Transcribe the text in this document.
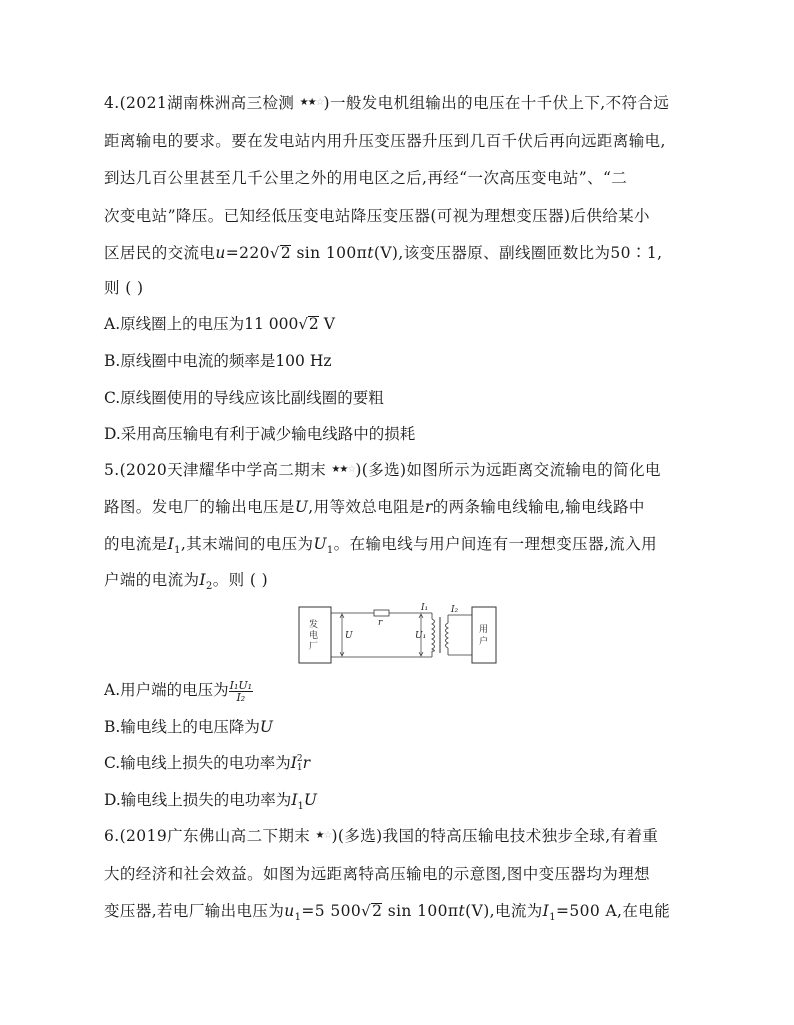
4.(2021湖南株洲高三检测 ★★☆)一般发电机组输出的电压在十千伏上下,不符合远
距离输电的要求。要在发电站内用升压变压器升压到几百千伏后再向远距离输电,
到达几百公里甚至几千公里之外的用电区之后,再经“一次高压变电站”、“二
次变电站”降压。已知经低压变电站降压变压器(可视为理想变压器)后供给某小
区居民的交流电u=220√2 sin 100πt(V),该变压器原、副线圈匝数比为50∶1,
则 ( )
A.原线圈上的电压为11 000√2 V
B.原线圈中电流的频率是100 Hz
C.原线圈使用的导线应该比副线圈的要粗
D.采用高压输电有利于减少输电线路中的损耗
5.(2020天津耀华中学高二期末 ★★☆)(多选)如图所示为远距离交流输电的简化电
路图。发电厂的输出电压是U,用等效总电阻是r的两条输电线输电,输电线路中
的电流是$I_1$,其末端间的电压为$U_1$。在输电线与用户间连有一理想变压器,流入用
户端的电流为$I_2$。则 ( )
发
电
厂
U
r
U₁
I₁	I₂
用
户
A.用户端的电压为 $\frac{\text{I₁U₁}}{\text{I₂}}$
B.输电线上的电压降为U
C.输电线上损失的电功率为I 2
1 r
D.输电线上损失的电功率为$I_1U$
6.(2019广东佛山高二下期末 ★☆)(多选)我国的特高压输电技术独步全球,有着重
大的经济和社会效益。如图为远距离特高压输电的示意图,图中变压器均为理想
变压器,若电厂输出电压为$u_1=5$ 500√2 sin 100πt(V),电流为$I_1=500$ A,在电能
